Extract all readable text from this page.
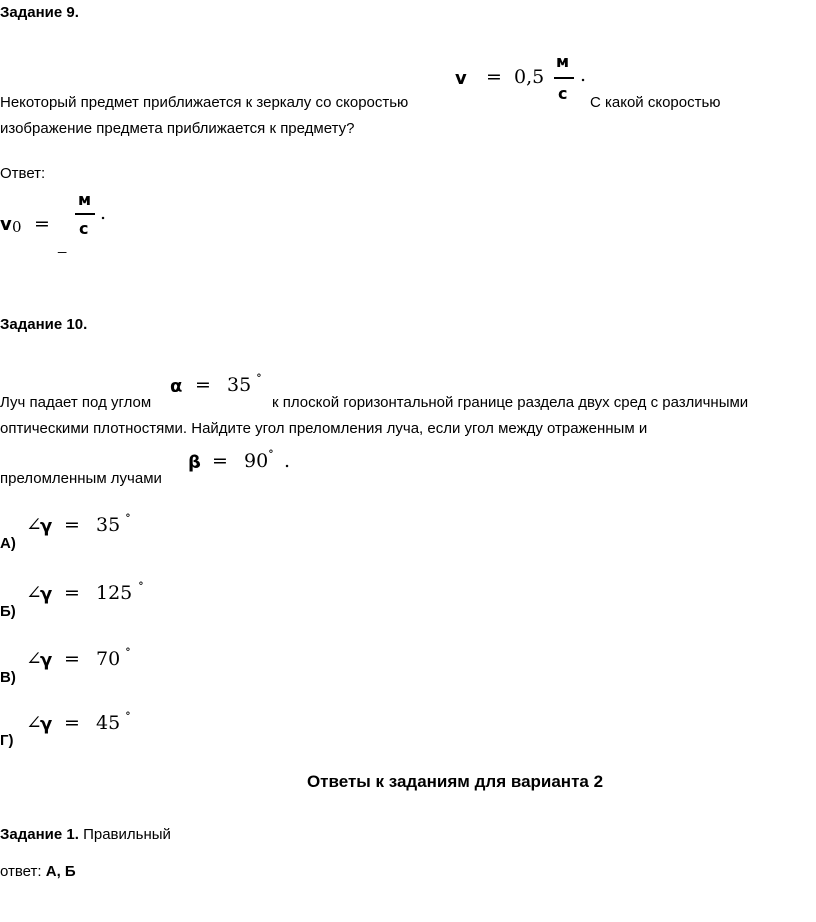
Задание 9.
v = 0,5
м
с
.
Некоторый предмет приближается к зеркалу со скоростью	С какой скоростью
изображение предмета приближается к предмету?
Ответ:
v 0 =
_
м
с
.
Задание 10.
α = 35 ∘
Луч падает под углом	к плоской горизонтальной границе раздела двух сред с различными
оптическими плотностями. Найдите угол преломления луча, если угол между отраженным и
β = 90 ∘ .
преломленным лучами
А)
∠
γ = 35 ∘
Б)
∠
γ = 125 ∘
В)
∠
γ = 70 ∘
Г)
∠
γ = 45 ∘
Ответы к заданиям для варианта 2
Задание 1. Правильный
ответ: А, Б
